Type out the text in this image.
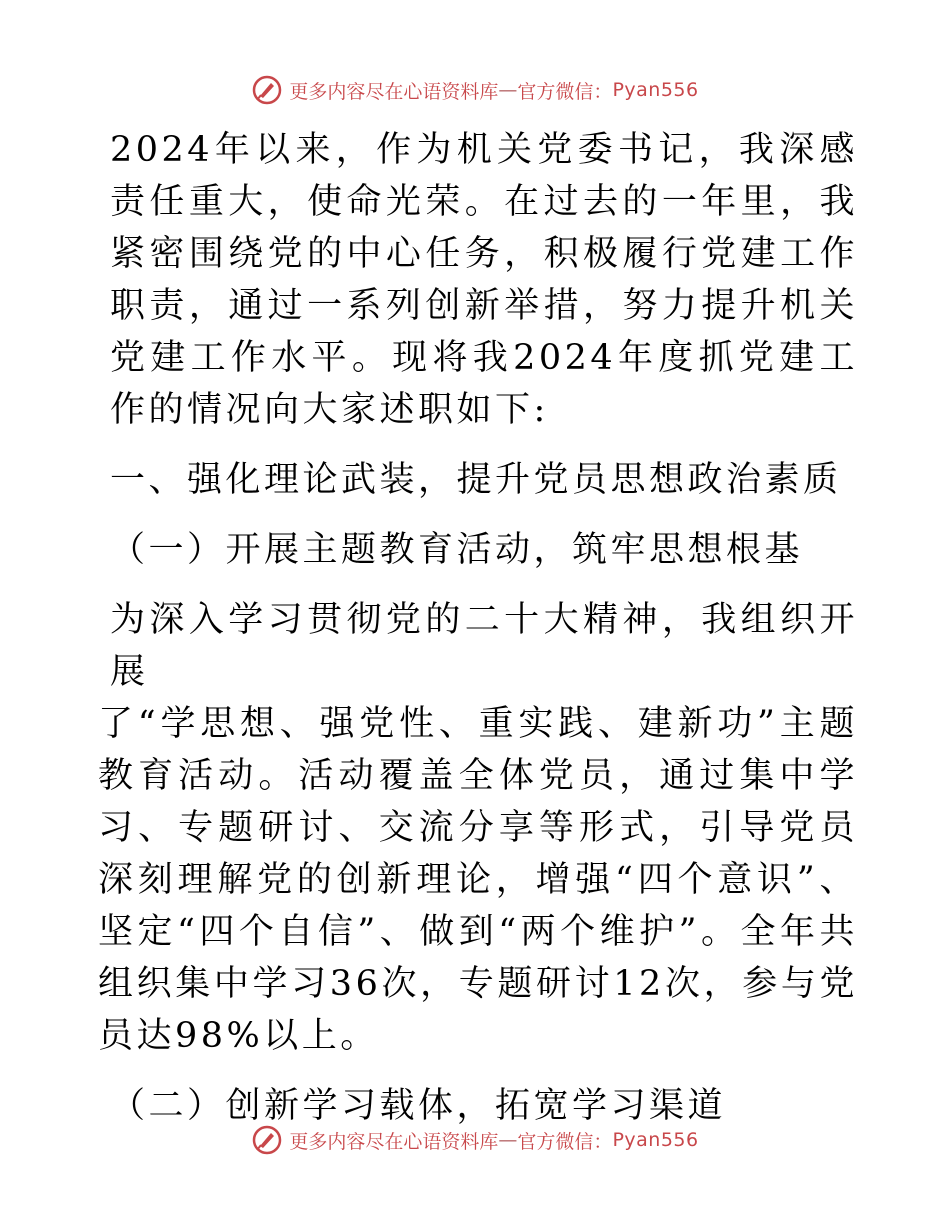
更多内容尽在心语资料库 — 官方微信： Pyan556

2024年以来，作为机关党委书记，我深感责任重大，使命光荣。在过去的一年里，我紧密围绕党的中心任务，积极履行党建工作职责，通过一系列创新举措，努力提升机关党建工作水平。现将我2024年度抓党建工作的情况向大家述职如下:

一、强化理论武装，提升党员思想政治素质

（一）开展主题教育活动，筑牢思想根基

为深入学习贯彻党的二十大精神，我组织开展

了“学思想、强党性、重实践、建新功”主题教育活动。活动覆盖全体党员，通过集中学习、专题研讨、交流分享等形式，引导党员深刻理解党的创新理论，增强“四个意识”、坚定“四个自信”、做到“两个维护”。全年共组织集中学习36次，专题研讨12次，参与党员达98%以上。

（二）创新学习载体，拓宽学习渠道

更多内容尽在心语资料库 — 官方微信： Pyan556
